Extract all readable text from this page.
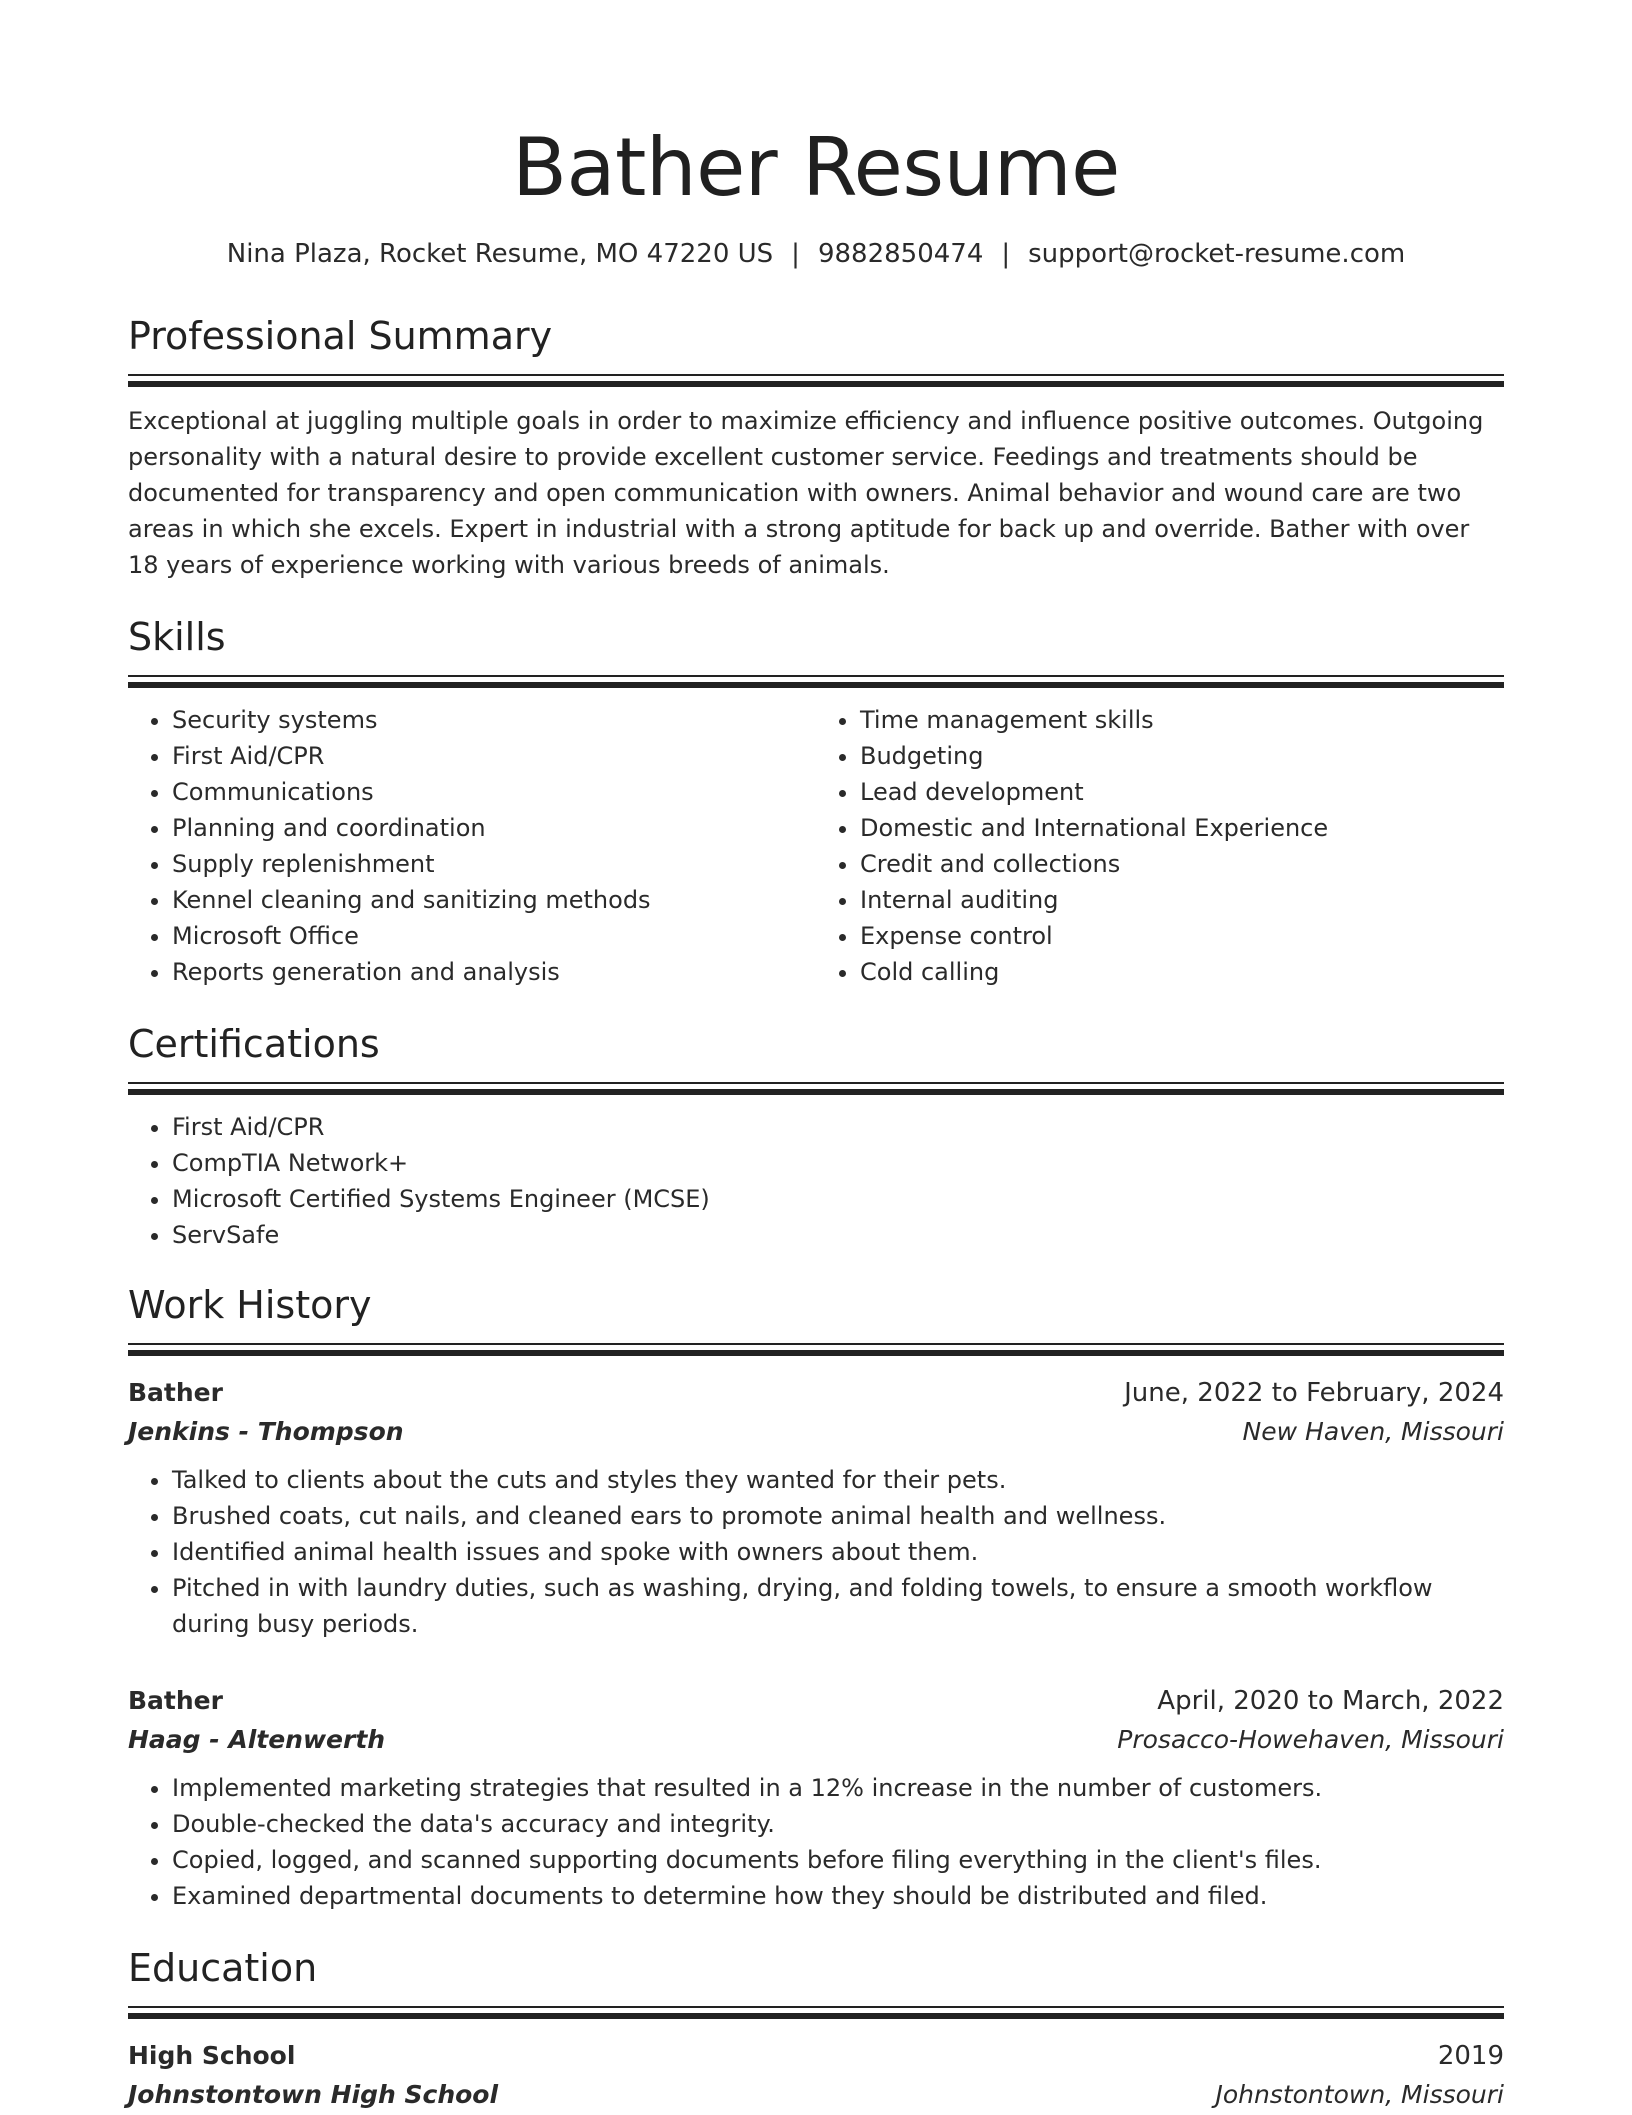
Bather Resume
Nina Plaza, Rocket Resume, MO 47220 US | 9882850474 | support@rocket-resume.com
Professional Summary
Exceptional at juggling multiple goals in order to maximize efficiency and influence positive outcomes. Outgoing personality with a natural desire to provide excellent customer service. Feedings and treatments should be documented for transparency and open communication with owners. Animal behavior and wound care are two areas in which she excels. Expert in industrial with a strong aptitude for back up and override. Bather with over 18 years of experience working with various breeds of animals.
Skills
• Security systems
• First Aid/CPR
• Communications
• Planning and coordination
• Supply replenishment
• Kennel cleaning and sanitizing methods
• Microsoft Office
• Reports generation and analysis
• Time management skills
• Budgeting
• Lead development
• Domestic and International Experience
• Credit and collections
• Internal auditing
• Expense control
• Cold calling
Certifications
• First Aid/CPR
• CompTIA Network+
• Microsoft Certified Systems Engineer (MCSE)
• ServSafe
Work History
Bather	June, 2022 to February, 2024
Jenkins - Thompson	New Haven, Missouri
• Talked to clients about the cuts and styles they wanted for their pets.
• Brushed coats, cut nails, and cleaned ears to promote animal health and wellness.
• Identified animal health issues and spoke with owners about them.
• Pitched in with laundry duties, such as washing, drying, and folding towels, to ensure a smooth workflow during busy periods.
Bather	April, 2020 to March, 2022
Haag - Altenwerth	Prosacco-Howehaven, Missouri
• Implemented marketing strategies that resulted in a 12% increase in the number of customers.
• Double-checked the data's accuracy and integrity.
• Copied, logged, and scanned supporting documents before filing everything in the client's files.
• Examined departmental documents to determine how they should be distributed and filed.
Education
High School	2019
Johnstontown High School	Johnstontown, Missouri
